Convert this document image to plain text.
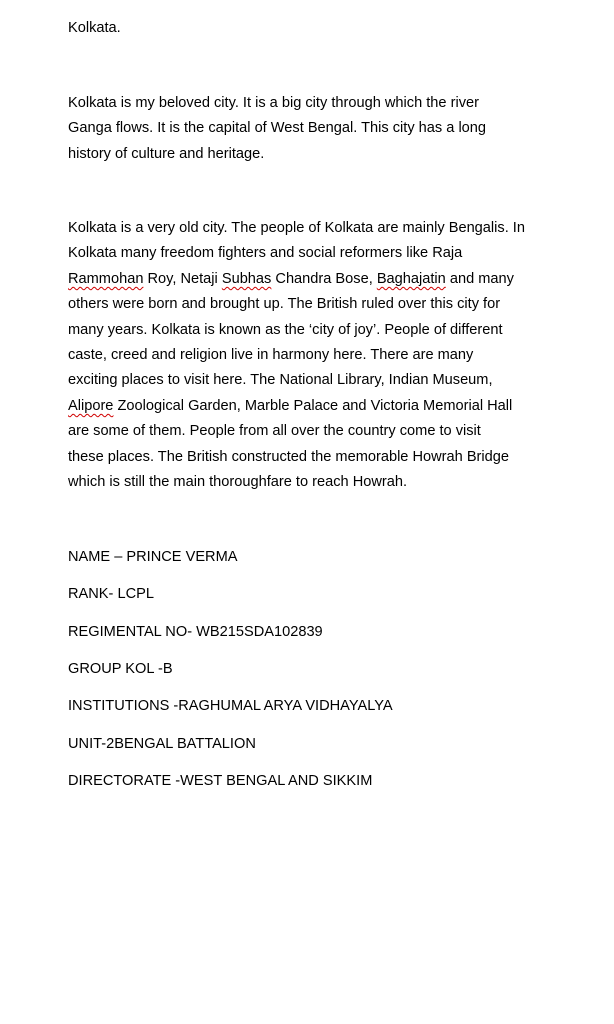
Kolkata.

Kolkata is my beloved city. It is a big city through which the river
Ganga flows. It is the capital of West Bengal. This city has a long
history of culture and heritage.

Kolkata is a very old city. The people of Kolkata are mainly Bengalis. In
Kolkata many freedom fighters and social reformers like Raja
Rammohan Roy, Netaji Subhas Chandra Bose, Baghajatin and many
others were born and brought up. The British ruled over this city for
many years. Kolkata is known as the ‘city of joy’. People of different
caste, creed and religion live in harmony here. There are many
exciting places to visit here. The National Library, Indian Museum,
Alipore Zoological Garden, Marble Palace and Victoria Memorial Hall
are some of them. People from all over the country come to visit
these places. The British constructed the memorable Howrah Bridge
which is still the main thoroughfare to reach Howrah.

NAME – PRINCE VERMA
RANK- LCPL
REGIMENTAL NO- WB215SDA102839
GROUP KOL -B
INSTITUTIONS -RAGHUMAL ARYA VIDHAYALYA
UNIT-2BENGAL BATTALION
DIRECTORATE -WEST BENGAL AND SIKKIM
